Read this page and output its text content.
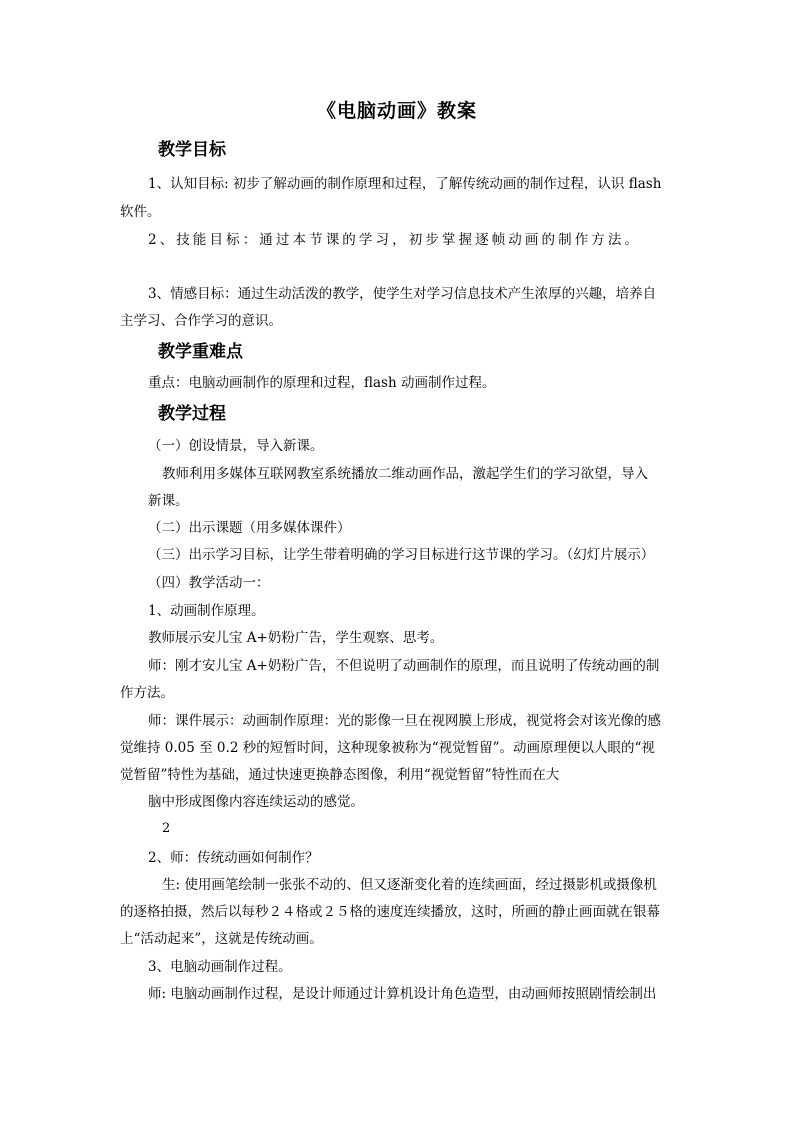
《电脑动画》教案
教学目标
1、认知目标: 初步了解动画的制作原理和过程，了解传统动画的制作过程，认识 flash
软件。
2、技能目标：通过本节课的学习，初步掌握逐帧动画的制作方法。
3、情感目标：通过生动活泼的教学，使学生对学习信息技术产生浓厚的兴趣，培养自
主学习、合作学习的意识。
教学重难点
重点：电脑动画制作的原理和过程，flash 动画制作过程。
教学过程
（一）创设情景，导入新课。
教师利用多媒体互联网教室系统播放二维动画作品，激起学生们的学习欲望，导入
新课。
（二）出示课题（用多媒体课件）
（三）出示学习目标，让学生带着明确的学习目标进行这节课的学习。（幻灯片展示）
（四）教学活动一：
1、动画制作原理。
教师展示安儿宝 A+奶粉广告，学生观察、思考。
师：刚才安儿宝 A+奶粉广告，不但说明了动画制作的原理，而且说明了传统动画的制
作方法。
师：课件展示：动画制作原理：光的影像一旦在视网膜上形成，视觉将会对该光像的感
觉维持 0.05 至 0.2 秒的短暂时间，这种现象被称为“视觉暂留”。动画原理便以人眼的“视
觉暂留”特性为基础，通过快速更换静态图像，利用“视觉暂留”特性而在大
脑中形成图像内容连续运动的感觉。
2
2、师：传统动画如何制作？
生: 使用画笔绘制一张张不动的、但又逐渐变化着的连续画面，经过摄影机或摄像机
的逐格拍摄，然后以每秒２４格或２５格的速度连续播放，这时，所画的静止画面就在银幕
上“活动起来”，这就是传统动画。
3、电脑动画制作过程。
师: 电脑动画制作过程，是设计师通过计算机设计角色造型，由动画师按照剧情绘制出
